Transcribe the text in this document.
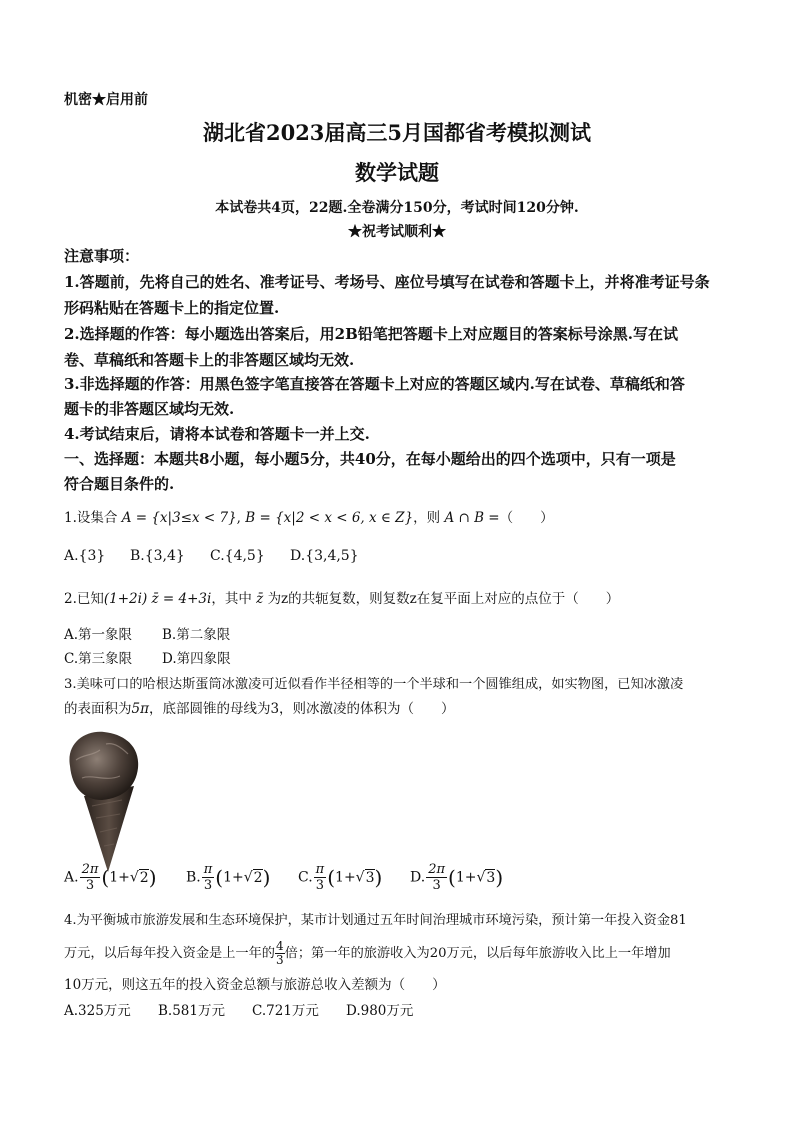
机密★启用前
湖北省2023届高三5月国都省考模拟测试
数学试题
本试卷共4页，22题.全卷满分150分，考试时间120分钟.
★祝考试顺利★
注意事项：
1.答题前，先将自己的姓名、准考证号、考场号、座位号填写在试卷和答题卡上，并将准考证号条
形码粘贴在答题卡上的指定位置.
2.选择题的作答：每小题选出答案后，用2B铅笔把答题卡上对应题目的答案标号涂黑.写在试
卷、草稿纸和答题卡上的非答题区域均无效.
3.非选择题的作答：用黑色签字笔直接答在答题卡上对应的答题区域内.写在试卷、草稿纸和答
题卡的非答题区域均无效.
4.考试结束后，请将本试卷和答题卡一并上交.
一、选择题：本题共8小题，每小题5分，共40分，在每小题给出的四个选项中，只有一项是
符合题目条件的.
1.设集合 A = {x|3≤x < 7}, B = {x|2 < x < 6, x ∈ Z}，则 A ∩ B =（　　）
A.{3} B.{3,4} C.{4,5} D.{3,4,5}
2.已知(1+2i) z̄ = 4+3i，其中 z̄ 为z的共轭复数，则复数z在复平面上对应的点位于（　　）
A.第一象限 B.第二象限
C.第三象限 D.第四象限
3.美味可口的哈根达斯蛋筒冰激凌可近似看作半径相等的一个半球和一个圆锥组成，如实物图，已知冰激凌
的表面积为5π，底部圆锥的母线为3，则冰激凌的体积为（　　）
A. $\frac{2\pi}{3} (1+√2)$ B. $\frac{\pi}{3} (1+√2)$ C. $\frac{\pi}{3} (1+√3)$ D. $\frac{2\pi}{3} (1+√3)$
4.为平衡城市旅游发展和生态环境保护，某市计划通过五年时间治理城市环境污染，预计第一年投入资金81
万元，以后每年投入资金是上一年的 $\frac{4}{3}$ 倍；第一年的旅游收入为20万元，以后每年旅游收入比上一年增加
10万元，则这五年的投入资金总额与旅游总收入差额为（　　）
A.325万元 B.581万元 C.721万元 D.980万元
